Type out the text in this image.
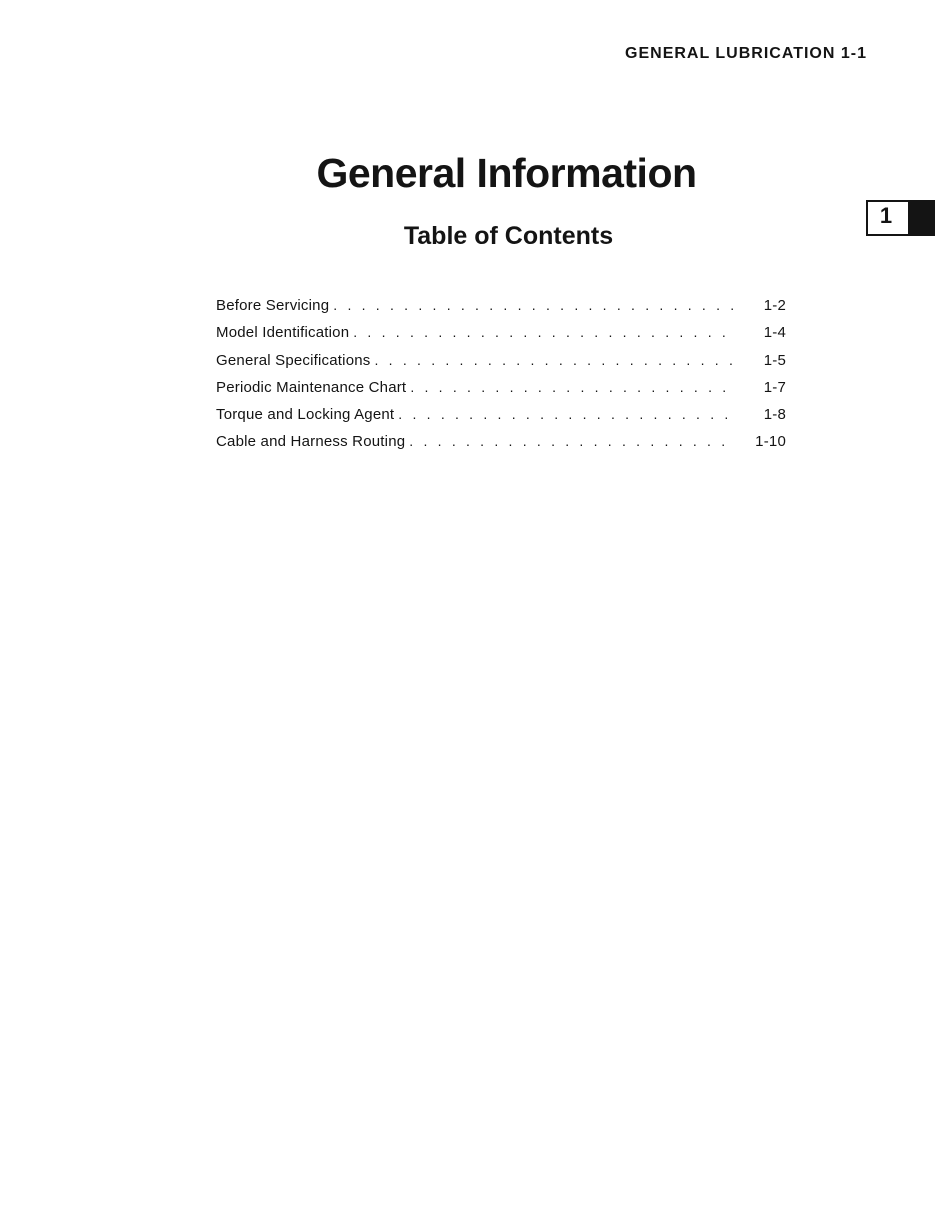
GENERAL LUBRICATION 1-1
General Information
1
Table of Contents
Before Servicing . . .	1-2
Model Identification . . .	1-4
General Specifications . . .	1-5
Periodic Maintenance Chart . . .	1-7
Torque and Locking Agent . . .	1-8
Cable and Harness Routing . . .	1-10
